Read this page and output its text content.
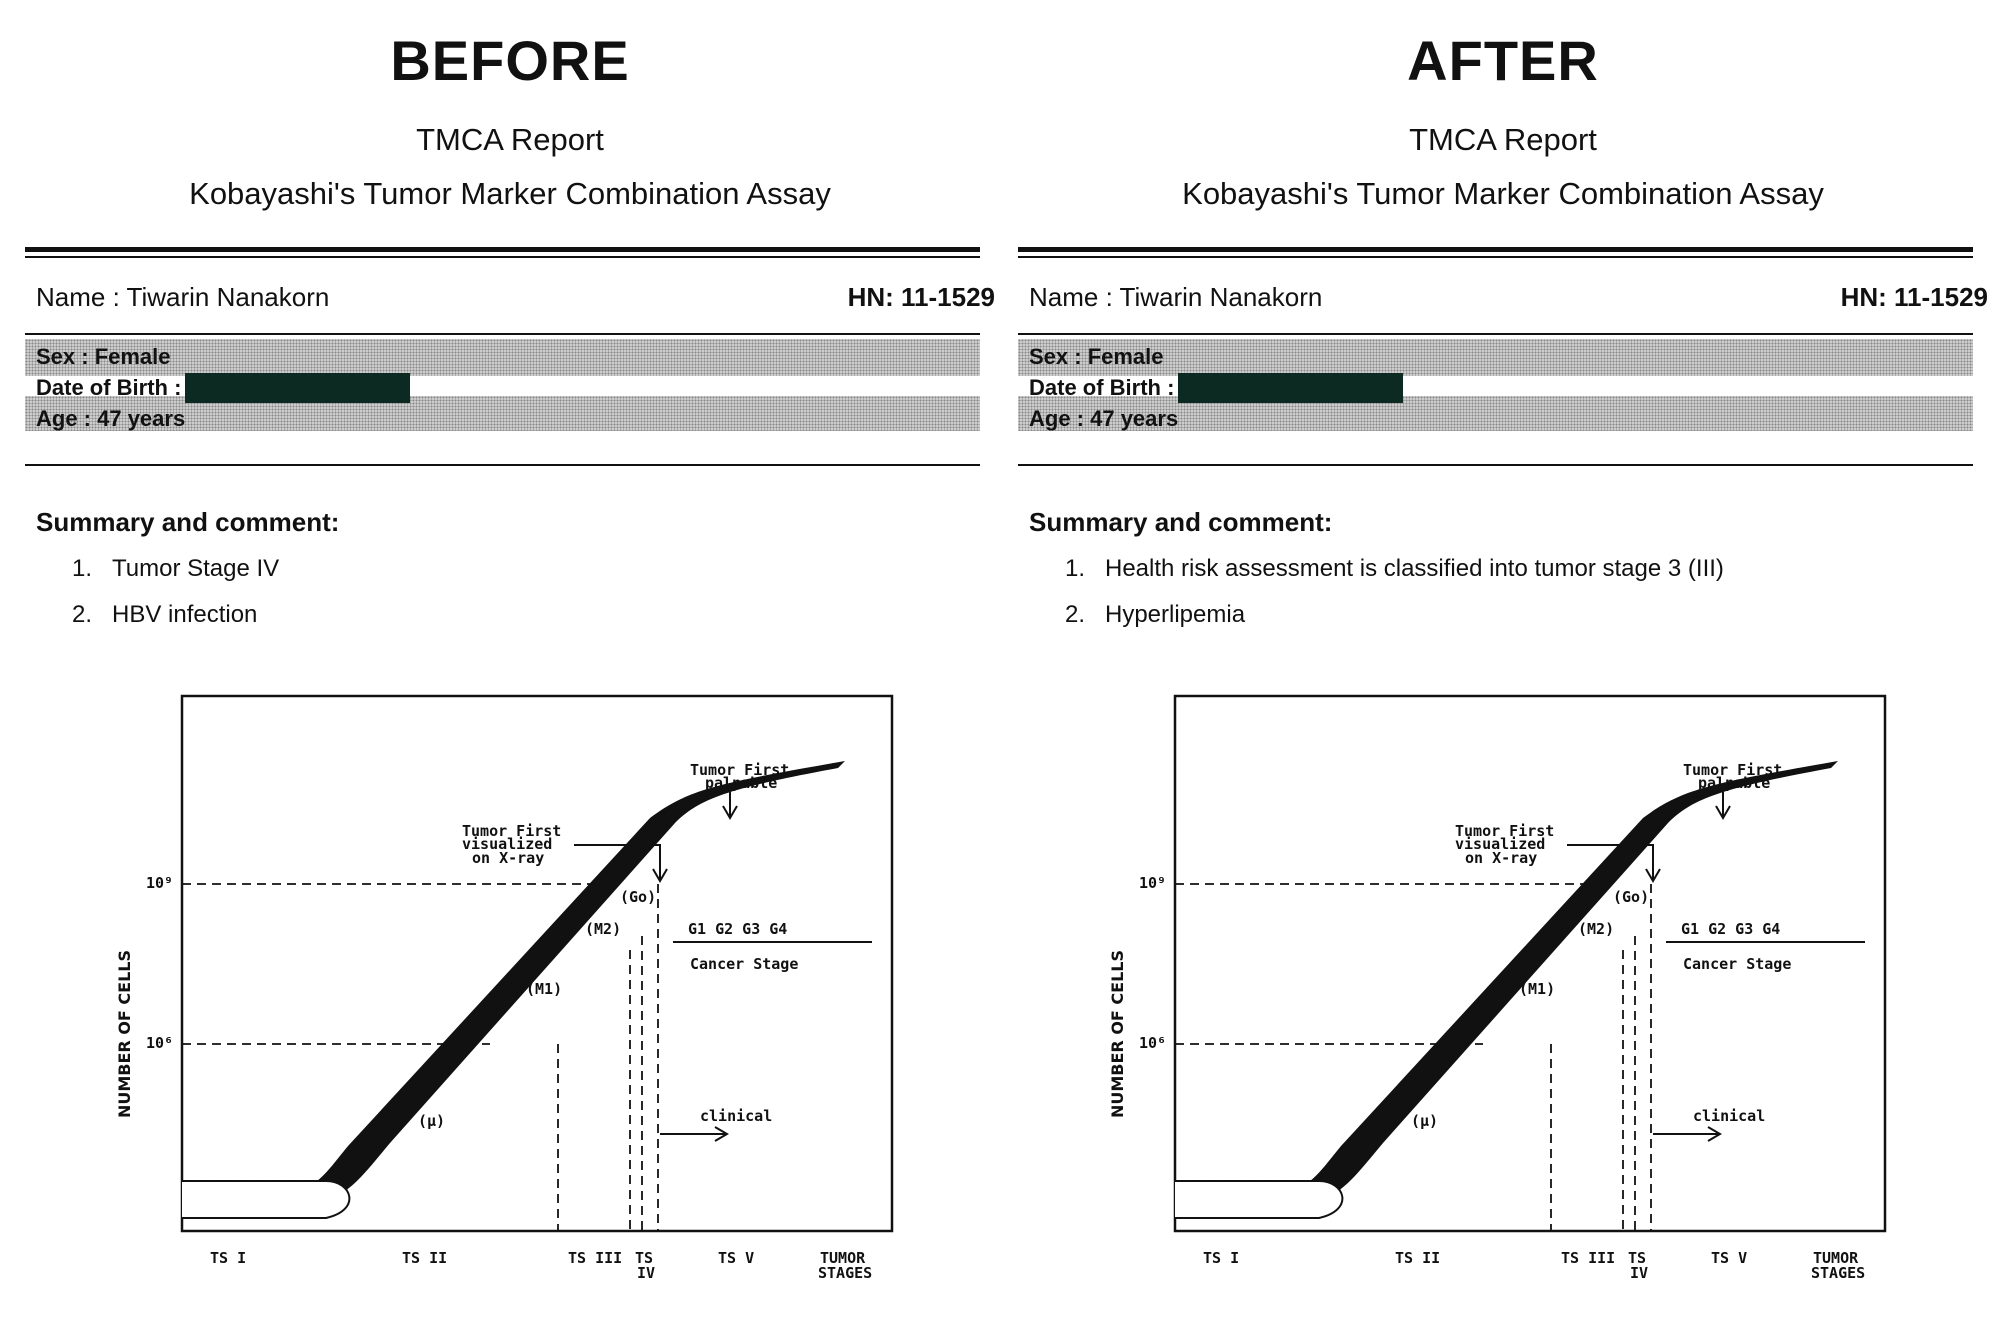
BEFORE
TMCA Report
Kobayashi's Tumor Marker Combination Assay
Name : Tiwarin Nanakorn	HN: 11-1529
Sex : Female
Date of Birth :
Age : 47 years
Summary and comment:
1. Tumor Stage IV
2. HBV infection
NUMBER OF CELLS
10⁹
10⁶
Tumor First
palpable
Tumor First
visualized
on X-ray
(Go)
(M2)
(M1)
(μ)
G1 G2 G3 G4
Cancer Stage
clinical
TS I	TS II	TS III TS
IV
TS V	TUMOR
STAGES
AFTER
TMCA Report
Kobayashi's Tumor Marker Combination Assay
Name : Tiwarin Nanakorn	HN: 11-1529
Sex : Female
Date of Birth :
Age : 47 years
Summary and comment:
1. Health risk assessment is classified into tumor stage 3 (III)
2. Hyperlipemia
NUMBER OF CELLS
10⁹
10⁶
Tumor First
palpable
Tumor First
visualized
on X-ray
(Go)
(M2)
(M1)
(μ)
G1 G2 G3 G4
Cancer Stage
clinical
TS I	TS II	TS III TS
IV
TS V	TUMOR
STAGES
